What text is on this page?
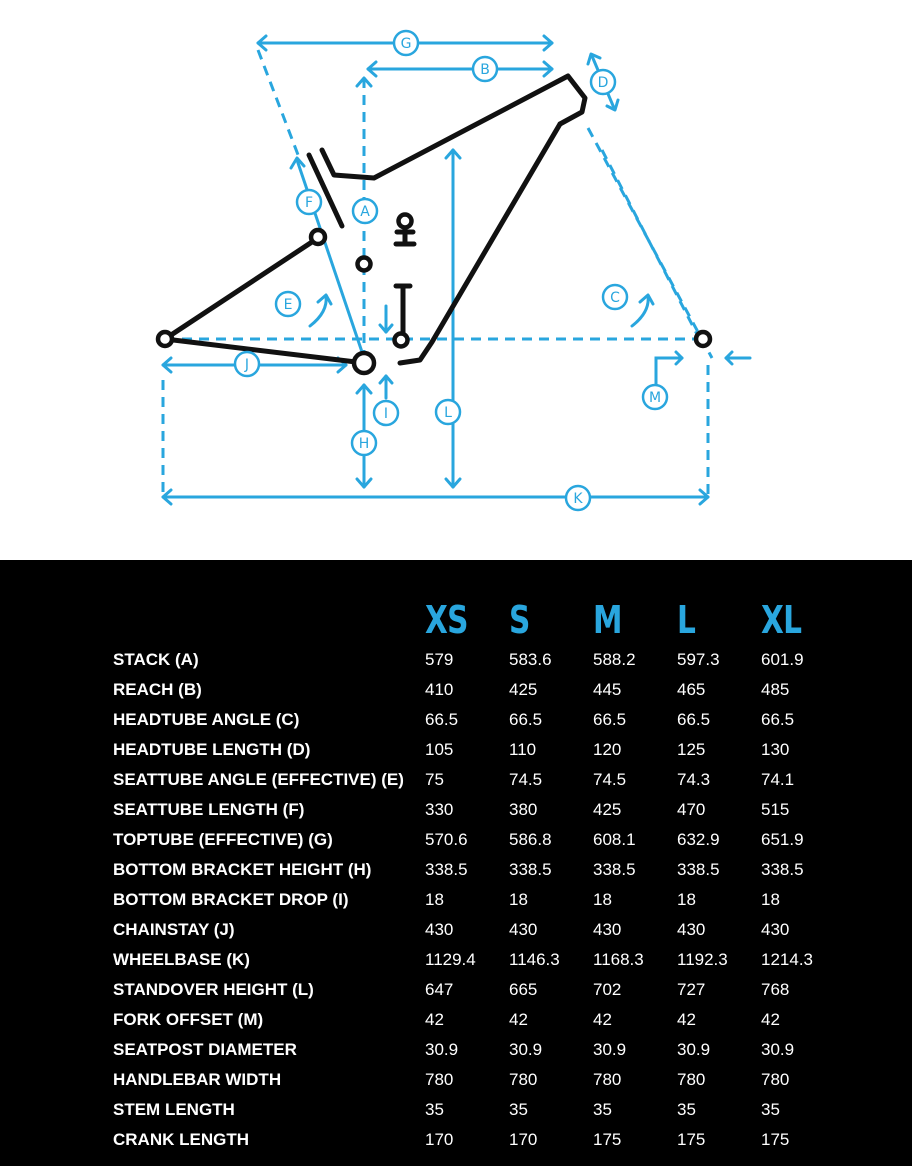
A
B
C
D
E
F
G
H
I
J
K
L
M
XS S M L XL
STACK (A)	579	583.6 588.2 597.3 601.9
REACH (B)	410	425	445	465	485
HEADTUBE ANGLE (C)	66.5	66.5	66.5	66.5	66.5
HEADTUBE LENGTH (D)	105	110	120	125	130
SEATTUBE ANGLE (EFFECTIVE) (E) 75	74.5	74.5	74.3	74.1
SEATTUBE LENGTH (F)	330	380	425	470	515
TOPTUBE (EFFECTIVE) (G)	570.6 586.8 608.1 632.9 651.9
BOTTOM BRACKET HEIGHT (H)	338.5 338.5 338.5 338.5 338.5
BOTTOM BRACKET DROP (I)	18	18	18	18	18
CHAINSTAY (J)	430	430	430	430	430
WHEELBASE (K)	1129.4 1146.3 1168.3 1192.3 1214.3
STANDOVER HEIGHT (L)	647	665	702	727	768
FORK OFFSET (M)	42	42	42	42	42
SEATPOST DIAMETER	30.9	30.9	30.9	30.9	30.9
HANDLEBAR WIDTH	780	780	780	780	780
STEM LENGTH	35	35	35	35	35
CRANK LENGTH	170	170	175	175	175
